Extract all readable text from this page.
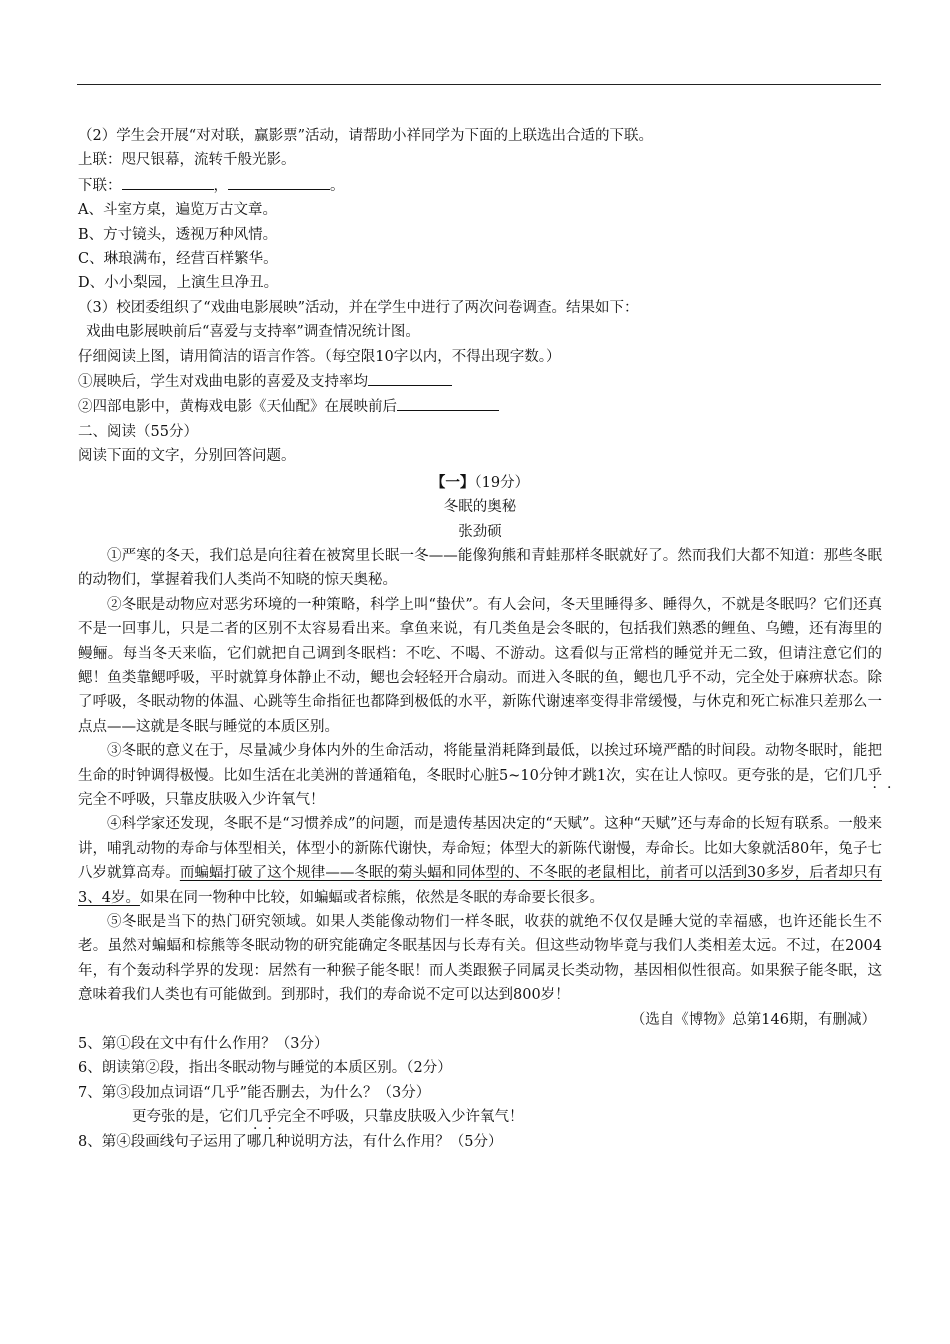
（2）学生会开展“对对联，赢影票”活动，请帮助小祥同学为下面的上联选出合适的下联。
上联：咫尺银幕，流转千般光影。
下联：	，	。
A、斗室方桌，遍览万古文章。
B、方寸镜头，透视万种风情。
C、琳琅满布，经营百样繁华。
D、小小梨园，上演生旦净丑。
（3）校团委组织了“戏曲电影展映”活动，并在学生中进行了两次问卷调查。结果如下：
戏曲电影展映前后“喜爱与支持率”调查情况统计图。
仔细阅读上图，请用简洁的语言作答。（每空限10字以内，不得出现字数。）
①展映后，学生对戏曲电影的喜爱及支持率均
②四部电影中，黄梅戏电影《天仙配》在展映前后
二、阅读（55分）
阅读下面的文字，分别回答问题。
【一】（19分）
冬眠的奥秘
张劲硕
①严寒的冬天，我们总是向往着在被窝里长眠一冬——能像狗熊和青蛙那样冬眠就好了。然而我们大都不知道：那些冬眠的动物们，掌握着我们人类尚不知晓的惊天奥秘。
②冬眠是动物应对恶劣环境的一种策略，科学上叫“蛰伏”。有人会问，冬天里睡得多、睡得久，不就是冬眠吗？它们还真不是一回事儿，只是二者的区别不太容易看出来。拿鱼来说，有几类鱼是会冬眠的，包括我们熟悉的鲤鱼、乌鳢，还有海里的鳗鲡。每当冬天来临，它们就把自己调到冬眠档：不吃、不喝、不游动。这看似与正常档的睡觉并无二致，但请注意它们的鳃！鱼类靠鳃呼吸，平时就算身体静止不动，鳃也会轻轻开合扇动。而进入冬眠的鱼，鳃也几乎不动，完全处于麻痹状态。除了呼吸，冬眠动物的体温、心跳等生命指征也都降到极低的水平，新陈代谢速率变得非常缓慢，与休克和死亡标准只差那么一点点——这就是冬眠与睡觉的本质区别。
③冬眠的意义在于，尽量减少身体内外的生命活动，将能量消耗降到最低，以挨过环境严酷的时间段。动物冬眠时，能把生命的时钟调得极慢。比如生活在北美洲的普通箱龟，冬眠时心脏5~10分钟才跳1次，实在让人惊叹。更夸张的是，它们几乎完全不呼吸，只靠皮肤吸入少许氧气！
④科学家还发现，冬眠不是“习惯养成”的问题，而是遗传基因决定的“天赋”。这种“天赋”还与寿命的长短有联系。一般来讲，哺乳动物的寿命与体型相关，体型小的新陈代谢快，寿命短；体型大的新陈代谢慢，寿命长。比如大象就活80年，兔子七八岁就算高寿。而蝙蝠打破了这个规律——冬眠的菊头蝠和同体型的、不冬眠的老鼠相比，前者可以活到30多岁，后者却只有3、4岁。如果在同一物种中比较，如蝙蝠或者棕熊，依然是冬眠的寿命要长很多。
⑤冬眠是当下的热门研究领域。如果人类能像动物们一样冬眠，收获的就绝不仅仅是睡大觉的幸福感，也许还能长生不老。虽然对蝙蝠和棕熊等冬眠动物的研究能确定冬眠基因与长寿有关。但这些动物毕竟与我们人类相差太远。不过，在2004年，有个轰动科学界的发现：居然有一种猴子能冬眠！而人类跟猴子同属灵长类动物，基因相似性很高。如果猴子能冬眠，这意味着我们人类也有可能做到。到那时，我们的寿命说不定可以达到800岁！
（选自《博物》总第146期，有删减）
5、第①段在文中有什么作用？（3分）
6、朗读第②段，指出冬眠动物与睡觉的本质区别。（2分）
7、第③段加点词语“几乎”能否删去，为什么？（3分）
更夸张的是，它们几乎完全不呼吸，只靠皮肤吸入少许氧气！
8、第④段画线句子运用了哪几种说明方法，有什么作用？（5分）
